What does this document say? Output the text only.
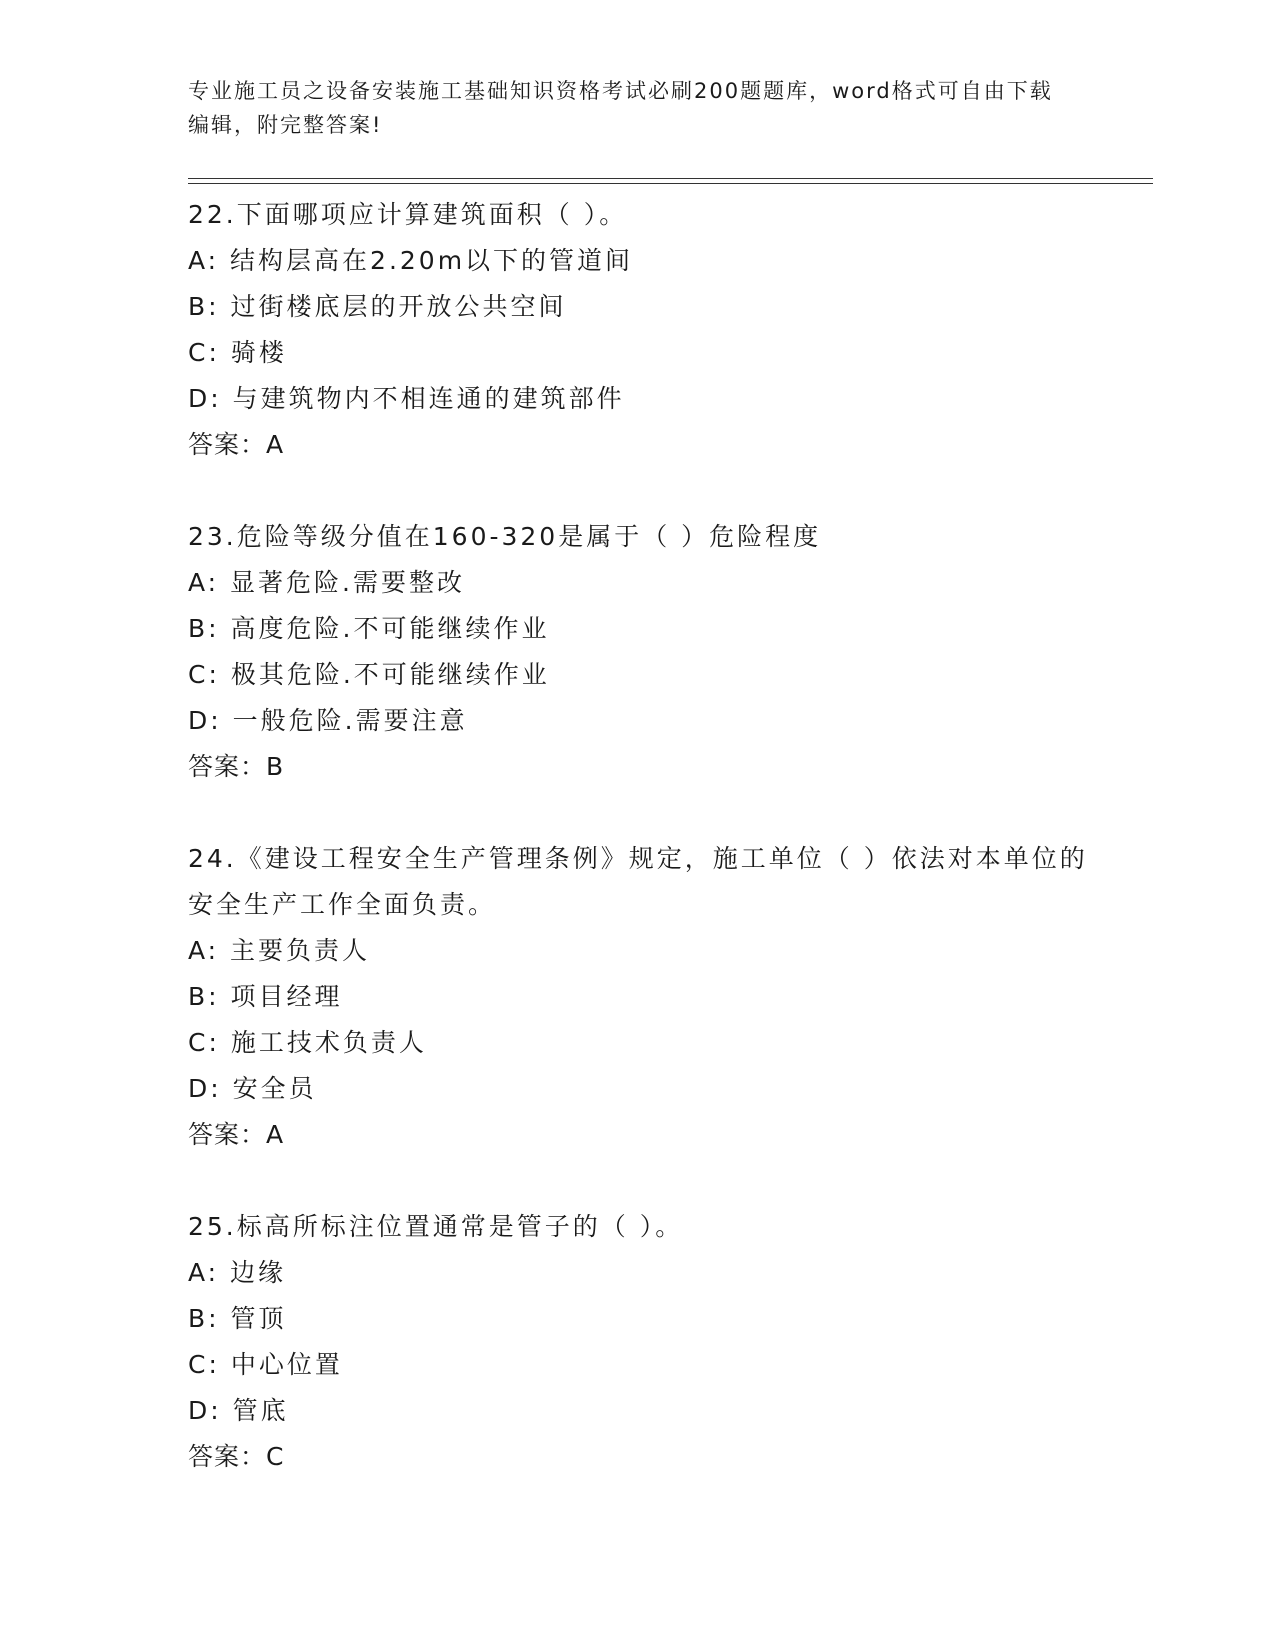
专业施工员之设备安装施工基础知识资格考试必刷200题题库，word格式可自由下载编辑，附完整答案!
22.下面哪项应计算建筑面积（ ）。
A: 结构层高在2.20m以下的管道间
B: 过街楼底层的开放公共空间
C: 骑楼
D: 与建筑物内不相连通的建筑部件
答案：A
23.危险等级分值在160-320是属于（ ）危险程度
A: 显著危险.需要整改
B: 高度危险.不可能继续作业
C: 极其危险.不可能继续作业
D: 一般危险.需要注意
答案：B
24.《建设工程安全生产管理条例》规定，施工单位（ ）依法对本单位的安全生产工作全面负责。
A: 主要负责人
B: 项目经理
C: 施工技术负责人
D: 安全员
答案：A
25.标高所标注位置通常是管子的（ ）。
A: 边缘
B: 管顶
C: 中心位置
D: 管底
答案：C
